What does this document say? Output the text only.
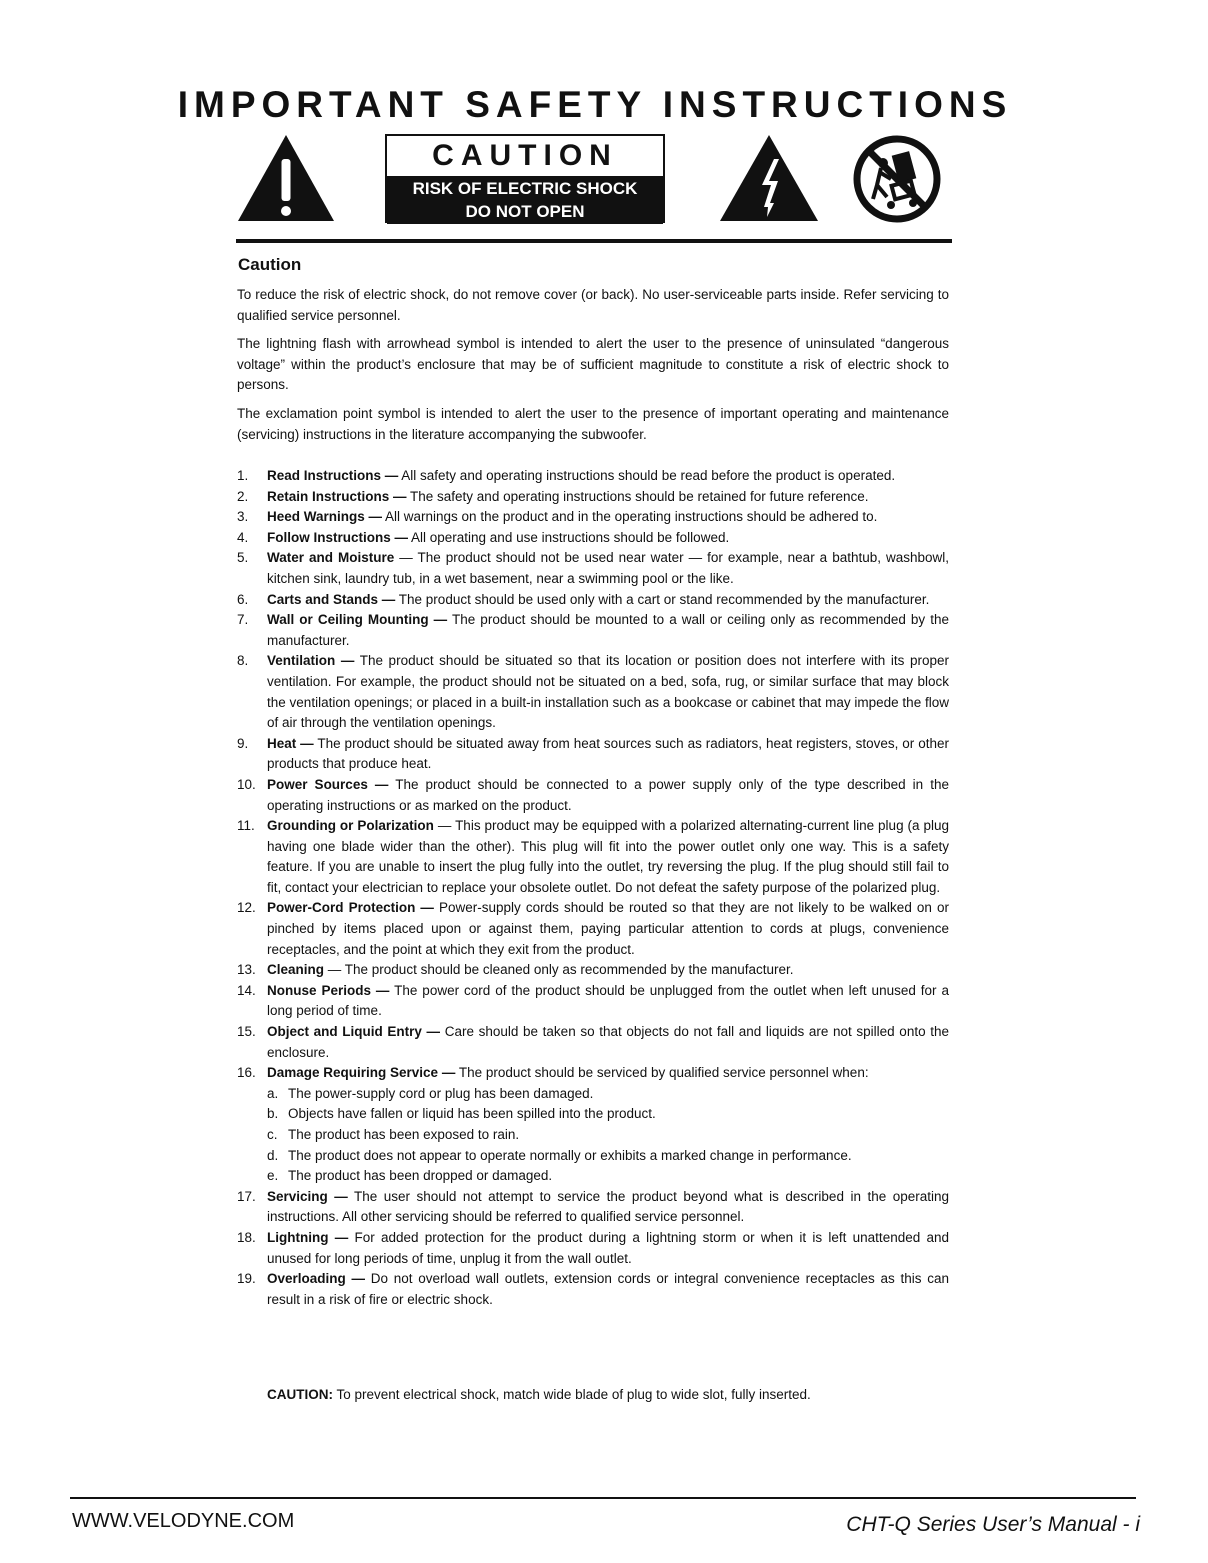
IMPORTANT SAFETY INSTRUCTIONS
CAUTION
RISK OF ELECTRIC SHOCK
DO NOT OPEN
Caution
To reduce the risk of electric shock, do not remove cover (or back). No user-serviceable parts inside. Refer servicing to qualified service personnel.
The lightning flash with arrowhead symbol is intended to alert the user to the presence of uninsulated “dangerous voltage” within the product’s enclosure that may be of sufficient magnitude to constitute a risk of electric shock to persons.
The exclamation point symbol is intended to alert the user to the presence of important operating and maintenance (servicing) instructions in the literature accompanying the subwoofer.
1. Read Instructions — All safety and operating instructions should be read before the product is operated.
2. Retain Instructions — The safety and operating instructions should be retained for future reference.
3. Heed Warnings — All warnings on the product and in the operating instructions should be adhered to.
4. Follow Instructions — All operating and use instructions should be followed.
5. Water and Moisture — The product should not be used near water — for example, near a bathtub, washbowl, kitchen sink, laundry tub, in a wet basement, near a swimming pool or the like.
6. Carts and Stands — The product should be used only with a cart or stand recommended by the manufacturer.
7. Wall or Ceiling Mounting — The product should be mounted to a wall or ceiling only as recommended by the manufacturer.
8. Ventilation — The product should be situated so that its location or position does not interfere with its proper ventilation. For example, the product should not be situated on a bed, sofa, rug, or similar surface that may block the ventilation openings; or placed in a built-in installation such as a bookcase or cabinet that may impede the flow of air through the ventilation openings.
9. Heat — The product should be situated away from heat sources such as radiators, heat registers, stoves, or other products that produce heat.
10. Power Sources — The product should be connected to a power supply only of the type described in the operating instructions or as marked on the product.
11. Grounding or Polarization — This product may be equipped with a polarized alternating-current line plug (a plug having one blade wider than the other). This plug will fit into the power outlet only one way. This is a safety feature. If you are unable to insert the plug fully into the outlet, try reversing the plug. If the plug should still fail to fit, contact your electrician to replace your obsolete outlet. Do not defeat the safety purpose of the polarized plug.
12. Power-Cord Protection — Power-supply cords should be routed so that they are not likely to be walked on or pinched by items placed upon or against them, paying particular attention to cords at plugs, convenience receptacles, and the point at which they exit from the product.
13. Cleaning — The product should be cleaned only as recommended by the manufacturer.
14. Nonuse Periods — The power cord of the product should be unplugged from the outlet when left unused for a long period of time.
15. Object and Liquid Entry — Care should be taken so that objects do not fall and liquids are not spilled onto the enclosure.
16. Damage Requiring Service — The product should be serviced by qualified service personnel when:
a. The power-supply cord or plug has been damaged.
b. Objects have fallen or liquid has been spilled into the product.
c. The product has been exposed to rain.
d. The product does not appear to operate normally or exhibits a marked change in performance.
e. The product has been dropped or damaged.
17. Servicing — The user should not attempt to service the product beyond what is described in the operating instructions. All other servicing should be referred to qualified service personnel.
18. Lightning — For added protection for the product during a lightning storm or when it is left unattended and unused for long periods of time, unplug it from the wall outlet.
19. Overloading — Do not overload wall outlets, extension cords or integral convenience receptacles as this can result in a risk of fire or electric shock.
CAUTION: To prevent electrical shock, match wide blade of plug to wide slot, fully inserted.
WWW.VELODYNE.COM	CHT-Q Series User’s Manual - i
